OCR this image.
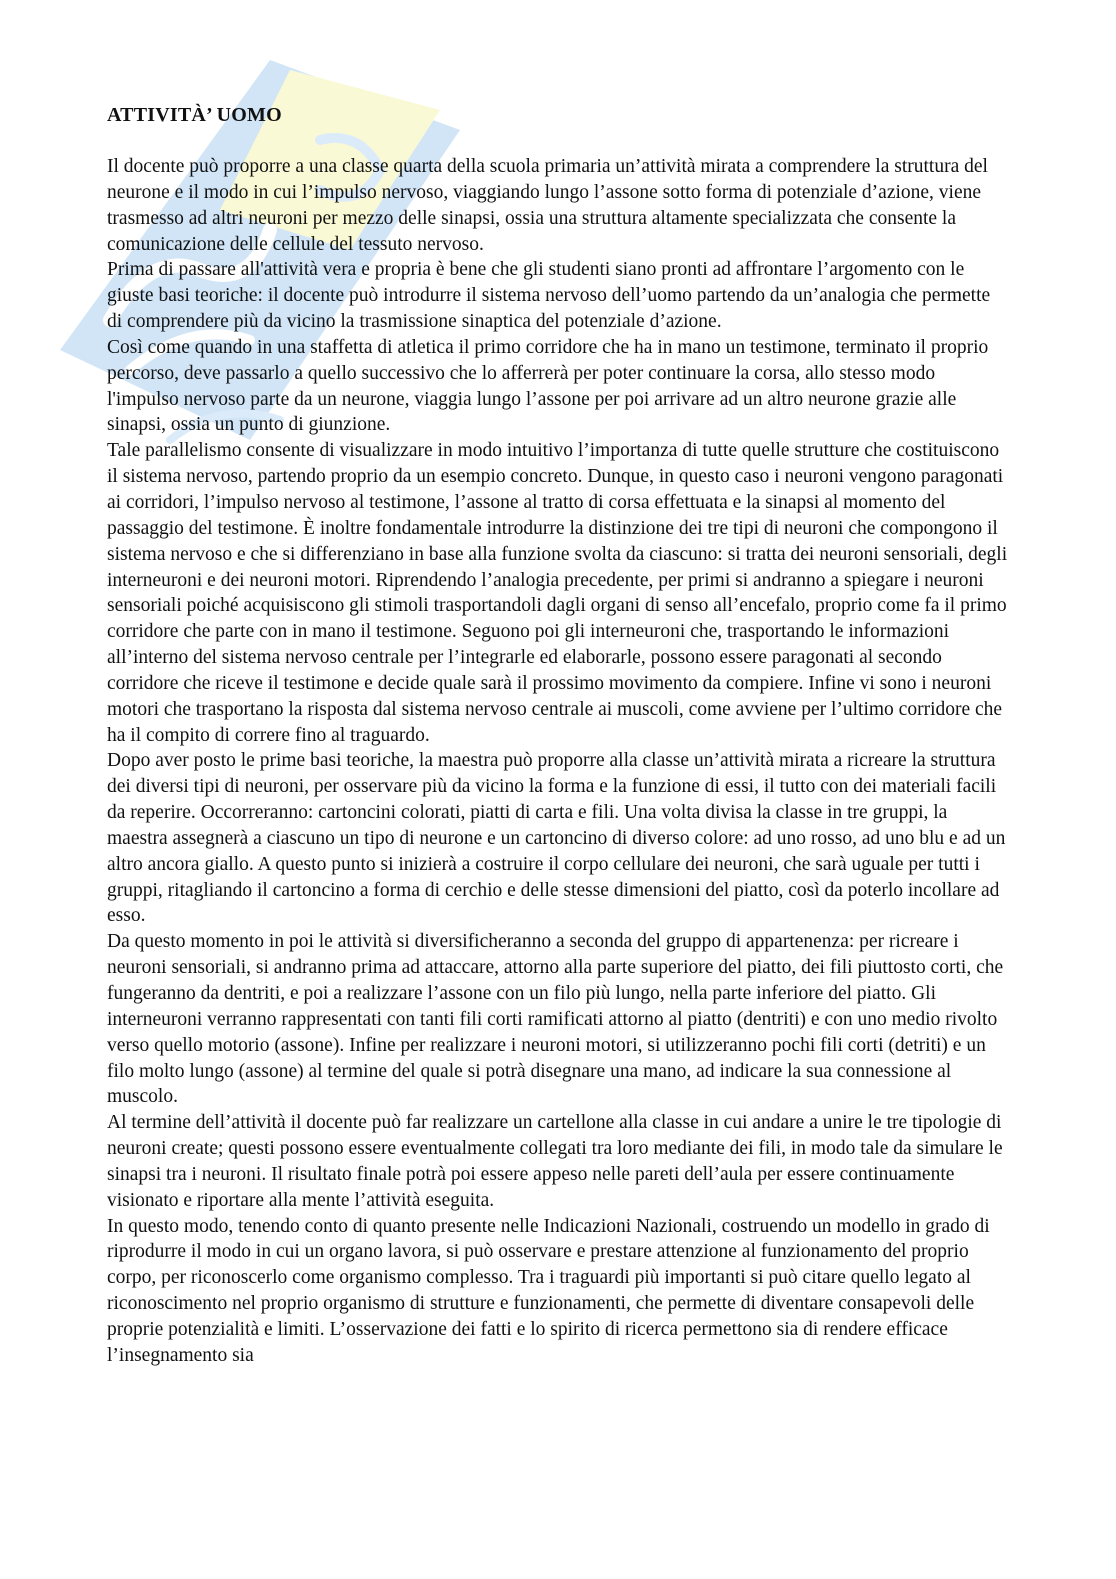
ATTIVITÀ’ UOMO

Il docente può proporre a una classe quarta della scuola primaria un’attività mirata a comprendere la struttura del neurone e il modo in cui l’impulso nervoso, viaggiando lungo l’assone sotto forma di potenziale d’azione, viene trasmesso ad altri neuroni per mezzo delle sinapsi, ossia una struttura altamente specializzata che consente la comunicazione delle cellule del tessuto nervoso.

Prima di passare all'attività vera e propria è bene che gli studenti siano pronti ad affrontare l’argomento con le giuste basi teoriche: il docente può introdurre il sistema nervoso dell’uomo partendo da un’analogia che permette di comprendere più da vicino la trasmissione sinaptica del potenziale d’azione.

Così come quando in una staffetta di atletica il primo corridore che ha in mano un testimone, terminato il proprio percorso, deve passarlo a quello successivo che lo afferrerà per poter continuare la corsa, allo stesso modo l'impulso nervoso parte da un neurone, viaggia lungo l’assone per poi arrivare ad un altro neurone grazie alle sinapsi, ossia un punto di giunzione.

Tale parallelismo consente di visualizzare in modo intuitivo l’importanza di tutte quelle strutture che costituiscono il sistema nervoso, partendo proprio da un esempio concreto. Dunque, in questo caso i neuroni vengono paragonati ai corridori, l’impulso nervoso al testimone, l’assone al tratto di corsa effettuata e la sinapsi al momento del passaggio del testimone. È inoltre fondamentale introdurre la distinzione dei tre tipi di neuroni che compongono il sistema nervoso e che si differenziano in base alla funzione svolta da ciascuno: si tratta dei neuroni sensoriali, degli interneuroni e dei neuroni motori. Riprendendo l’analogia precedente, per primi si andranno a spiegare i neuroni sensoriali poiché acquisiscono gli stimoli trasportandoli dagli organi di senso all’encefalo, proprio come fa il primo corridore che parte con in mano il testimone. Seguono poi gli interneuroni che, trasportando le informazioni all’interno del sistema nervoso centrale per l’integrarle ed elaborarle, possono essere paragonati al secondo corridore che riceve il testimone e decide quale sarà il prossimo movimento da compiere. Infine vi sono i neuroni motori che trasportano la risposta dal sistema nervoso centrale ai muscoli, come avviene per l’ultimo corridore che ha il compito di correre fino al traguardo.

Dopo aver posto le prime basi teoriche, la maestra può proporre alla classe un’attività mirata a ricreare la struttura dei diversi tipi di neuroni, per osservare più da vicino la forma e la funzione di essi, il tutto con dei materiali facili da reperire. Occorreranno: cartoncini colorati, piatti di carta e fili. Una volta divisa la classe in tre gruppi, la maestra assegnerà a ciascuno un tipo di neurone e un cartoncino di diverso colore: ad uno rosso, ad uno blu e ad un altro ancora giallo. A questo punto si inizierà a costruire il corpo cellulare dei neuroni, che sarà uguale per tutti i gruppi, ritagliando il cartoncino a forma di cerchio e delle stesse dimensioni del piatto, così da poterlo incollare ad esso.

Da questo momento in poi le attività si diversificheranno a seconda del gruppo di appartenenza: per ricreare i neuroni sensoriali, si andranno prima ad attaccare, attorno alla parte superiore del piatto, dei fili piuttosto corti, che fungeranno da dentriti, e poi a realizzare l’assone con un filo più lungo, nella parte inferiore del piatto. Gli interneuroni verranno rappresentati con tanti fili corti ramificati attorno al piatto (dentriti) e con uno medio rivolto verso quello motorio (assone). Infine per realizzare i neuroni motori, si utilizzeranno pochi fili corti (detriti) e un filo molto lungo (assone) al termine del quale si potrà disegnare una mano, ad indicare la sua connessione al muscolo.

Al termine dell’attività il docente può far realizzare un cartellone alla classe in cui andare a unire le tre tipologie di neuroni create; questi possono essere eventualmente collegati tra loro mediante dei fili, in modo tale da simulare le sinapsi tra i neuroni. Il risultato finale potrà poi essere appeso nelle pareti dell’aula per essere continuamente visionato e riportare alla mente l’attività eseguita.

In questo modo, tenendo conto di quanto presente nelle Indicazioni Nazionali, costruendo un modello in grado di riprodurre il modo in cui un organo lavora, si può osservare e prestare attenzione al funzionamento del proprio corpo, per riconoscerlo come organismo complesso. Tra i traguardi più importanti si può citare quello legato al riconoscimento nel proprio organismo di strutture e funzionamenti, che permette di diventare consapevoli delle proprie potenzialità e limiti. L’osservazione dei fatti e lo spirito di ricerca permettono sia di rendere efficace l’insegnamento sia
